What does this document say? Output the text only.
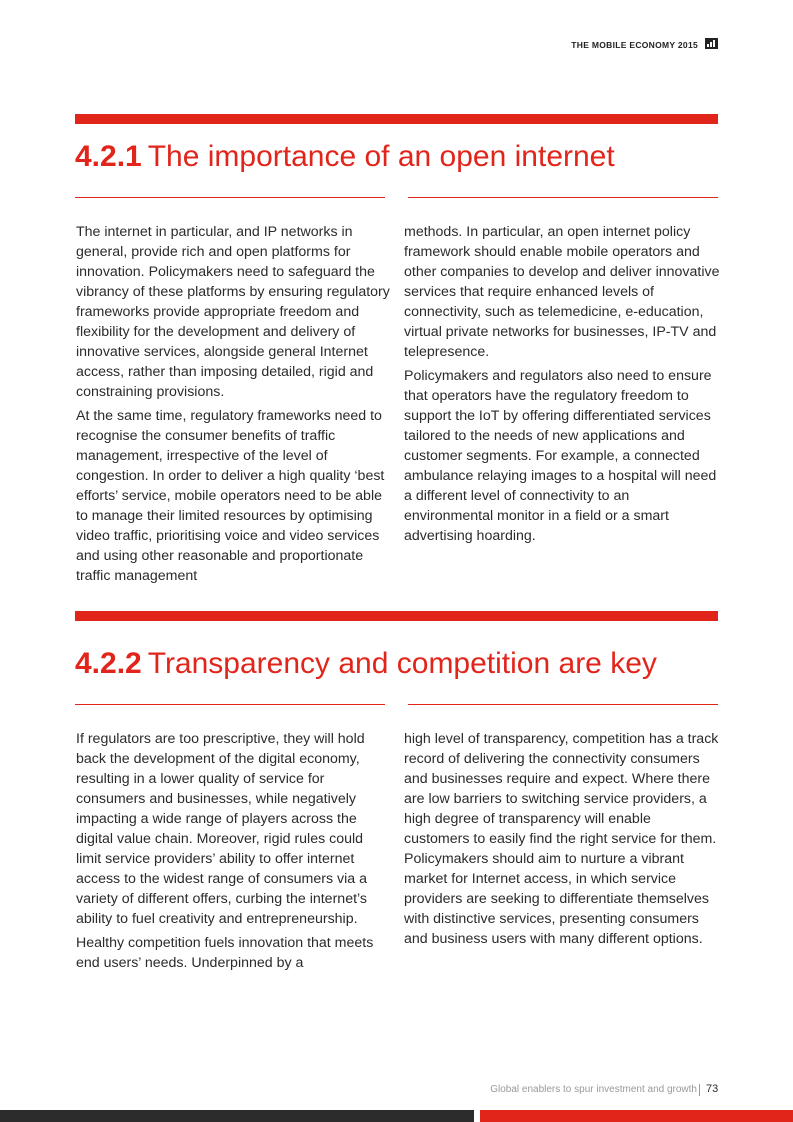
THE MOBILE ECONOMY 2015
4.2.1 The importance of an open internet

The internet in particular, and IP networks in general, provide rich and open platforms for innovation. Policymakers need to safeguard the vibrancy of these platforms by ensuring regulatory frameworks provide appropriate freedom and flexibility for the development and delivery of innovative services, alongside general Internet access, rather than imposing detailed, rigid and constraining provisions.

At the same time, regulatory frameworks need to recognise the consumer benefits of traffic management, irrespective of the level of congestion. In order to deliver a high quality ‘best efforts’ service, mobile operators need to be able to manage their limited resources by optimising video traffic, prioritising voice and video services and using other reasonable and proportionate traffic management

methods. In particular, an open internet policy framework should enable mobile operators and other companies to develop and deliver innovative services that require enhanced levels of connectivity, such as telemedicine, e-education, virtual private networks for businesses, IP-TV and telepresence.

Policymakers and regulators also need to ensure that operators have the regulatory freedom to support the IoT by offering differentiated services tailored to the needs of new applications and customer segments. For example, a connected ambulance relaying images to a hospital will need a different level of connectivity to an environmental monitor in a field or a smart advertising hoarding.

4.2.2 Transparency and competition are key

If regulators are too prescriptive, they will hold back the development of the digital economy, resulting in a lower quality of service for consumers and businesses, while negatively impacting a wide range of players across the digital value chain. Moreover, rigid rules could limit service providers’ ability to offer internet access to the widest range of consumers via a variety of different offers, curbing the internet’s ability to fuel creativity and entrepreneurship.

Healthy competition fuels innovation that meets end users’ needs. Underpinned by a

high level of transparency, competition has a track record of delivering the connectivity consumers and businesses require and expect. Where there are low barriers to switching service providers, a high degree of transparency will enable customers to easily find the right service for them. Policymakers should aim to nurture a vibrant market for Internet access, in which service providers are seeking to differentiate themselves with distinctive services, presenting consumers and business users with many different options.

Global enablers to spur investment and growth 73
